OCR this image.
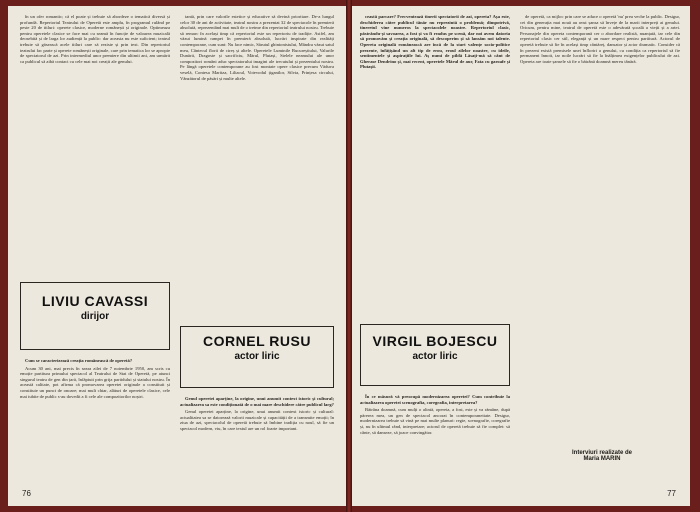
în un ofer romantic; că el poate și trebuie să abordeze o tematică diversă și profundă. Repertoriul Teatrului de Operetă este amplu, în programul rulând pe peste 20 de titluri: operete clasice, moderne românești și originale. Optimeaza pentru operetele clasice se face mai cu seamă în funcție de valoarea muzicală deosebită și de larga lor audiență la public: dar aceasta nu este suficient; teatrul trebuie să găsească acele titluri care să reziste și prin text. Din repertoriul teatrului fac parte și operete românești originale, care prin tematica lor se apropie de spectatorul de azi. Prin intermediul unor premiere din ultimii ani, am urmărit ca publicul să aibă contact cu cele mai noi creații ale genului.

tantă, prin care valorile estetice și educative să devină prioritare. De-a lungul celor 30 de ani de activitate, teatrul nostru a prezentat 32 de spectacole în premieră absolută, reprezentând mai mult de o treime din repertoriul teatrului nostru. Trebuie să remarc în același timp că repertoriul este un repertoriu de tradiție. Astfel, am văzut lumină rampei în premieră absolută, lucrări inspirate din realități contemporane, cum sunt: Nu face nimic, Sărutul ghinionistului, Mândra văzut satul meu, Cântecul florii de cireș și altele. Operetele Luminile Bucureștiului, Valurile Dunării, Dragoste și sacrificiu, Mărul, Plutași, Stelele neamului ale unor compozitori români aduc spectatorului imagini ale trecutului și prezentului nostru. Pe lângă operetele contemporane au fost montate opere clasice precum Văduva veselă, Contesa Maritza, Liliacul, Voievodul țiganilor, Silvia, Prințesa circului, Vânzătorul de păsări și multe altele.

LIVIU CAVASSI
dirijor

Cum se caracterizează creația românească de operetă?

Acum 30 ani, mai precis în seara zilei de 7 noiembrie 1950, am scris cu emoție partitura primului spectacol al Teatrului de Stat de Operetă, pe atunci singurul teatru de gen din țară, înfăptuit prin grija partidului și statului nostru. În această calitate, pot afirma că promovarea operetei originale a constituit și constituie un punct de onoare; mai mult chiar, alături de operetele clasice, cele mai iubite de public s-au dovedit a fi cele ale compozitorilor noștri.

CORNEL RUSU
actor liric

Genul operetei aparține, la origine, unui anumit context istoric și cultural; actualizarea sa este condiționată de o mai mare deschidere către publicul larg?

Genul operetei aparține, la origine, unui anumit context istoric și cultural: actualitatea sa se datorează valorii muzicale și capacității de a transmite emoții; în ziua de azi, spectacolul de operetă trebuie să îmbine tradiția cu noul, să fie un spectacol modern, viu, în care textul are un rol foarte important.

76

ceastă parcare? Frecventează tinerii spectatorii de azi, opereta? Așa este, deschiderea către publicul tânăr nu reprezintă o problemă; dimpotrivă, tineretul vine numeros la spectacolele noastre. Repertoriul clasic, păstrându-și savoarea, a fost și va fi readus pe scenă, dar noi avem datoria să promovăm și creația originală, să descoperim și să lansăm noi talente. Opereta originală românească are încă de la start valențe socio-politice prezente, înfățișând un alt tip de erou, eroul zilelor noastre, cu ideile, sentimentele și aspirațiile lui. Aș numi de pildă Lăsați-mă să cânt de Gherase Dendrino și, mai recent, operetele Mărul de aur, Fata cu garoafe și Plutașii.

VIRGIL BOJESCU
actor liric

În ce măsură vă preocupă modernizarea operetei? Cum contribuie la actualizarea operetei scenografia, coregrafia, interpretarea?

Bătrâna doamnă, cum mulți o alintă, opereta, a fost, este și va rămâne, după părerea mea, un gen de spectacol ancorat în contemporaneitate. Desigur, modernizarea trebuie să vină pe mai multe planuri: regie, scenografie, coregrafie și, nu în ultimul rând, interpretare; actorul de operetă trebuie să fie complet: să cânte, să danseze, să joace convingător.

de operetă, ca mijloc prin care se aduce o operetă 'nu' prea veche la public. Desigur, cei din generația mai nouă au avut șansa să învețe de la marii interpreți ai genului. Oricum, pentru mine, teatrul de operetă este o adevărată școală a vieții și a artei. Personajele din opereta contemporană cer o abordare realistă, nuanțată, iar cele din repertoriul clasic cer stil, eleganță și un mare respect pentru partitură. Actorul de operetă trebuie să fie în același timp cântăreț, dansator și actor dramatic. Consider că în prezent există premisele unei înfloriri a genului, cu condiția ca repertoriul să fie permanent înnoit, iar noile lucrări să fie la înălțimea exigențelor publicului de azi. Opereta are toate șansele să fie o bătrână doamnă mereu tânără.

Interviuri realizate de
Maria MARIN
77
